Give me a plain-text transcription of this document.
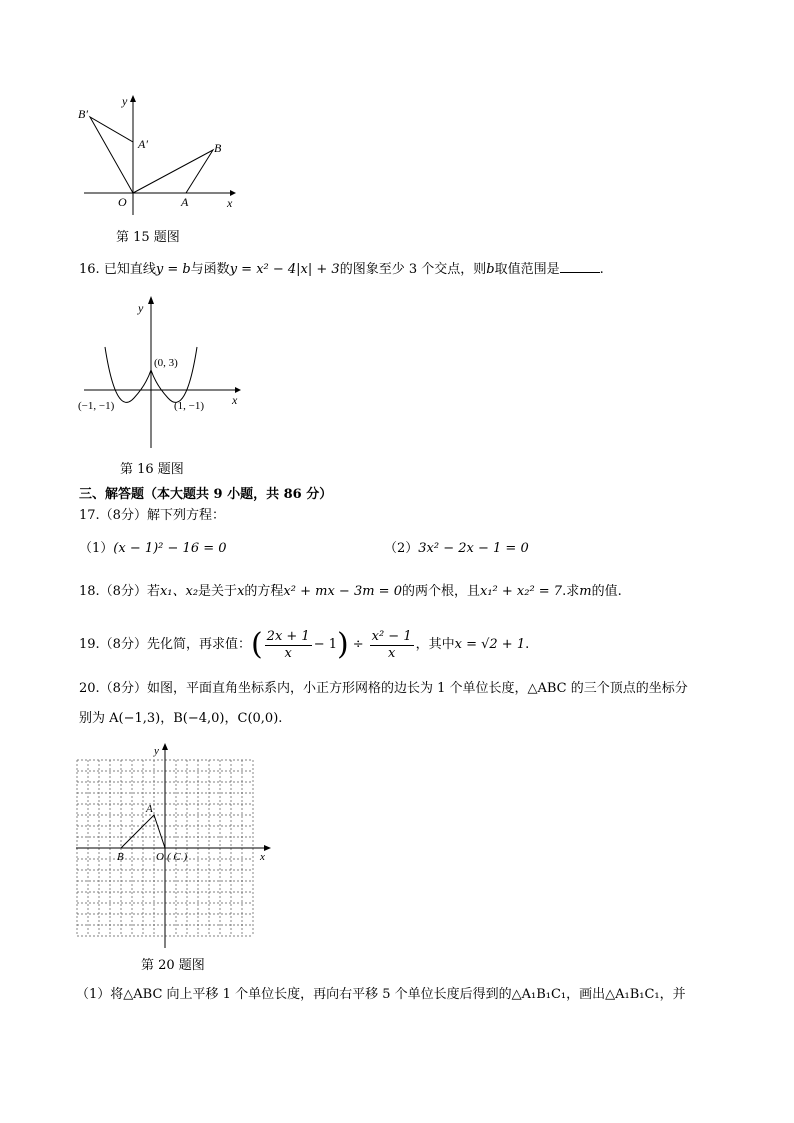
B′
y
A′	B
O	A	x
第 15 题图
16. 已知直线y = b与函数y = x² − 4|x| + 3的图象至少 3 个交点，则b取值范围是	.
y
(0, 3)
(−1, −1)	(1, −1) x
第 16 题图
三、解答题（本大题共 9 小题，共 86 分）
17.（8分）解下列方程：
（1）(x − 1)² − 16 = 0	（2）3x² − 2x − 1 = 0
18.（8分）若x₁、x₂是关于x的方程x² + mx − 3m = 0的两个根，且x₁² + x₂² = 7.求m的值.
19.（8分）先化简，再求值： ( $\frac{2x + 1}{x} - 1$ ) ÷ $\frac{\text{x² − 1}}{x}$ ，其中 x = √2 + 1 .
20.（8分）如图，平面直角坐标系内，小正方形网格的边长为 1 个单位长度，△ABC 的三个顶点的坐标分
别为 A(−1,3)，B(−4,0)，C(0,0).
y
A
B	O ( C )	x
第 20 题图
（1）将△ABC 向上平移 1 个单位长度，再向右平移 5 个单位长度后得到的△A₁B₁C₁，画出△A₁B₁C₁，并
